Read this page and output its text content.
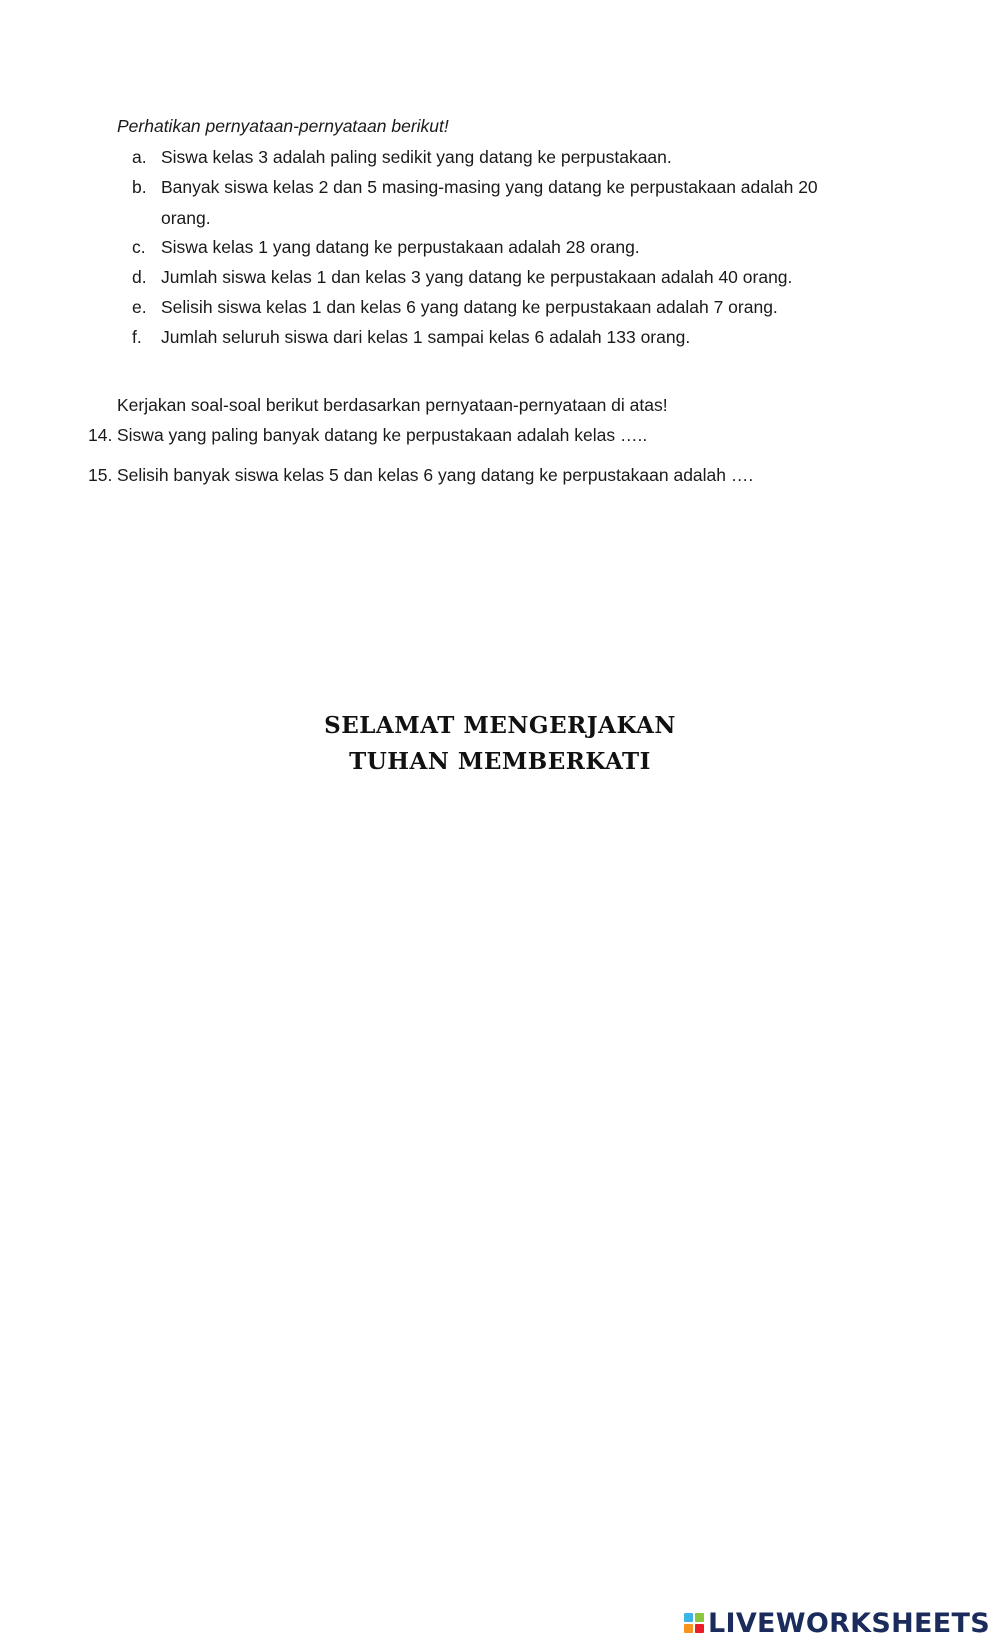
Perhatikan pernyataan-pernyataan berikut!
a. Siswa kelas 3 adalah paling sedikit yang datang ke perpustakaan.
b. Banyak siswa kelas 2 dan 5 masing-masing yang datang ke perpustakaan adalah 20
orang.
c. Siswa kelas 1 yang datang ke perpustakaan adalah 28 orang.
d. Jumlah siswa kelas 1 dan kelas 3 yang datang ke perpustakaan adalah 40 orang.
e. Selisih siswa kelas 1 dan kelas 6 yang datang ke perpustakaan adalah 7 orang.
f.	Jumlah seluruh siswa dari kelas 1 sampai kelas 6 adalah 133 orang.
Kerjakan soal-soal berikut berdasarkan pernyataan-pernyataan di atas!
14. Siswa yang paling banyak datang ke perpustakaan adalah kelas …..
15. Selisih banyak siswa kelas 5 dan kelas 6 yang datang ke perpustakaan adalah ….
SELAMAT MENGERJAKAN
TUHAN MEMBERKATI
LIVEWORKSHEETS
